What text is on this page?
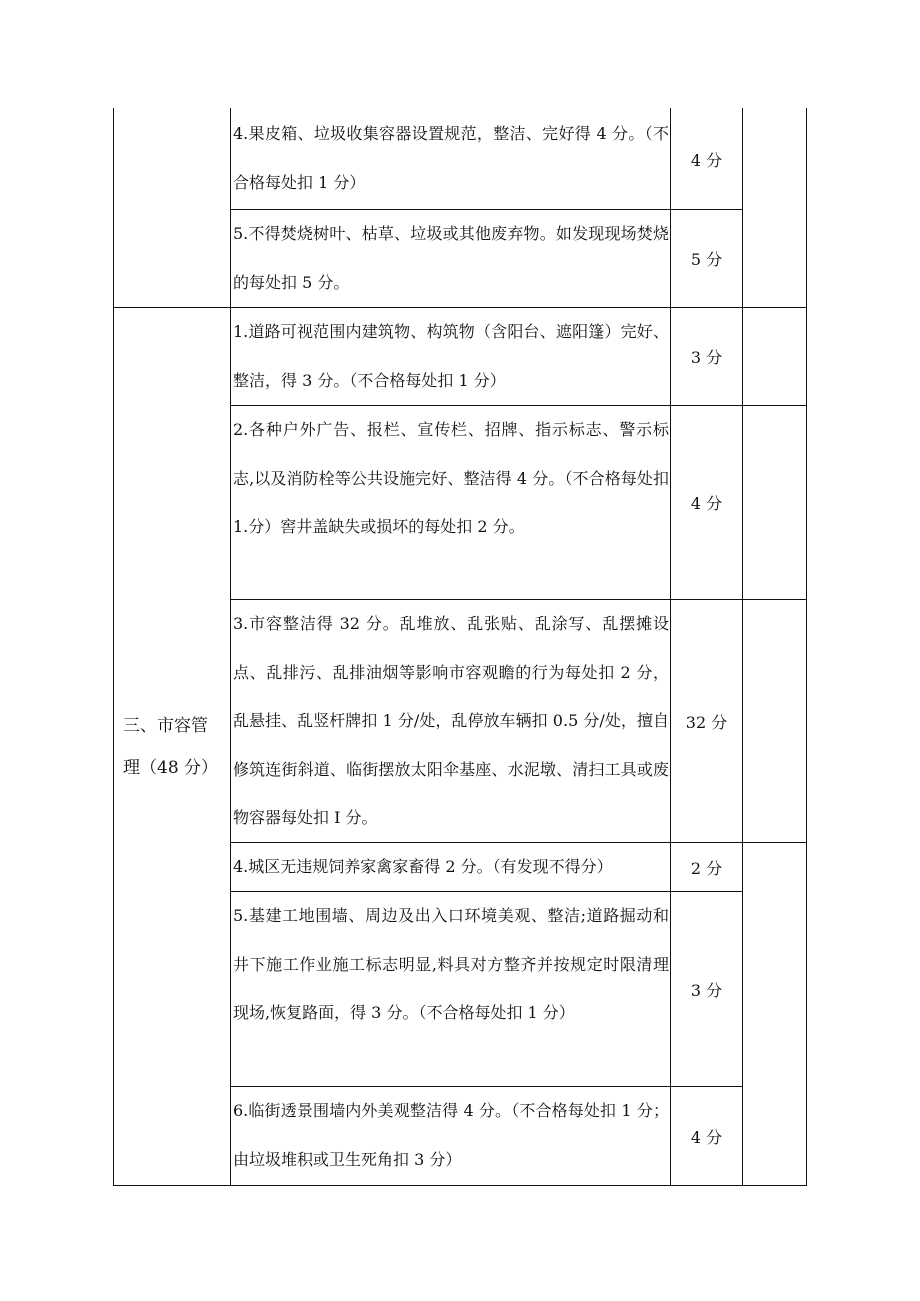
4.果皮箱、垃圾收集容器设置规范，整洁、完好得 4 分。（不合格每处扣 1 分）
4 分
5.不得焚烧树叶、枯草、垃圾或其他废弃物。如发现现场焚烧的每处扣 5 分。
5 分
三、市容管理（48 分）
1.道路可视范围内建筑物、构筑物（含阳台、遮阳篷）完好、整洁，得 3 分。（不合格每处扣 1 分）
3 分
2.各种户外广告、报栏、宣传栏、招牌、指示标志、警示标志,以及消防栓等公共设施完好、整洁得 4 分。（不合格每处扣 1.分）窖井盖缺失或损坏的每处扣 2 分。
4 分
3.市容整洁得 32 分。乱堆放、乱张贴、乱涂写、乱摆摊设点、乱排污、乱排油烟等影响市容观瞻的行为每处扣 2 分，乱悬挂、乱竖杆牌扣 1 分/处，乱停放车辆扣 0.5 分/处，擅自修筑连街斜道、临街摆放太阳伞基座、水泥墩、清扫工具或废物容器每处扣 I 分。
32 分
4.城区无违规饲养家禽家畜得 2 分。（有发现不得分）	2 分
5.基建工地围墙、周边及出入口环境美观、整洁;道路掘动和井下施工作业施工标志明显,料具对方整齐并按规定时限清理现场,恢复路面，得 3 分。（不合格每处扣 1 分）
3 分
6.临街透景围墙内外美观整洁得 4 分。（不合格每处扣 1 分；由垃圾堆积或卫生死角扣 3 分）
4 分
